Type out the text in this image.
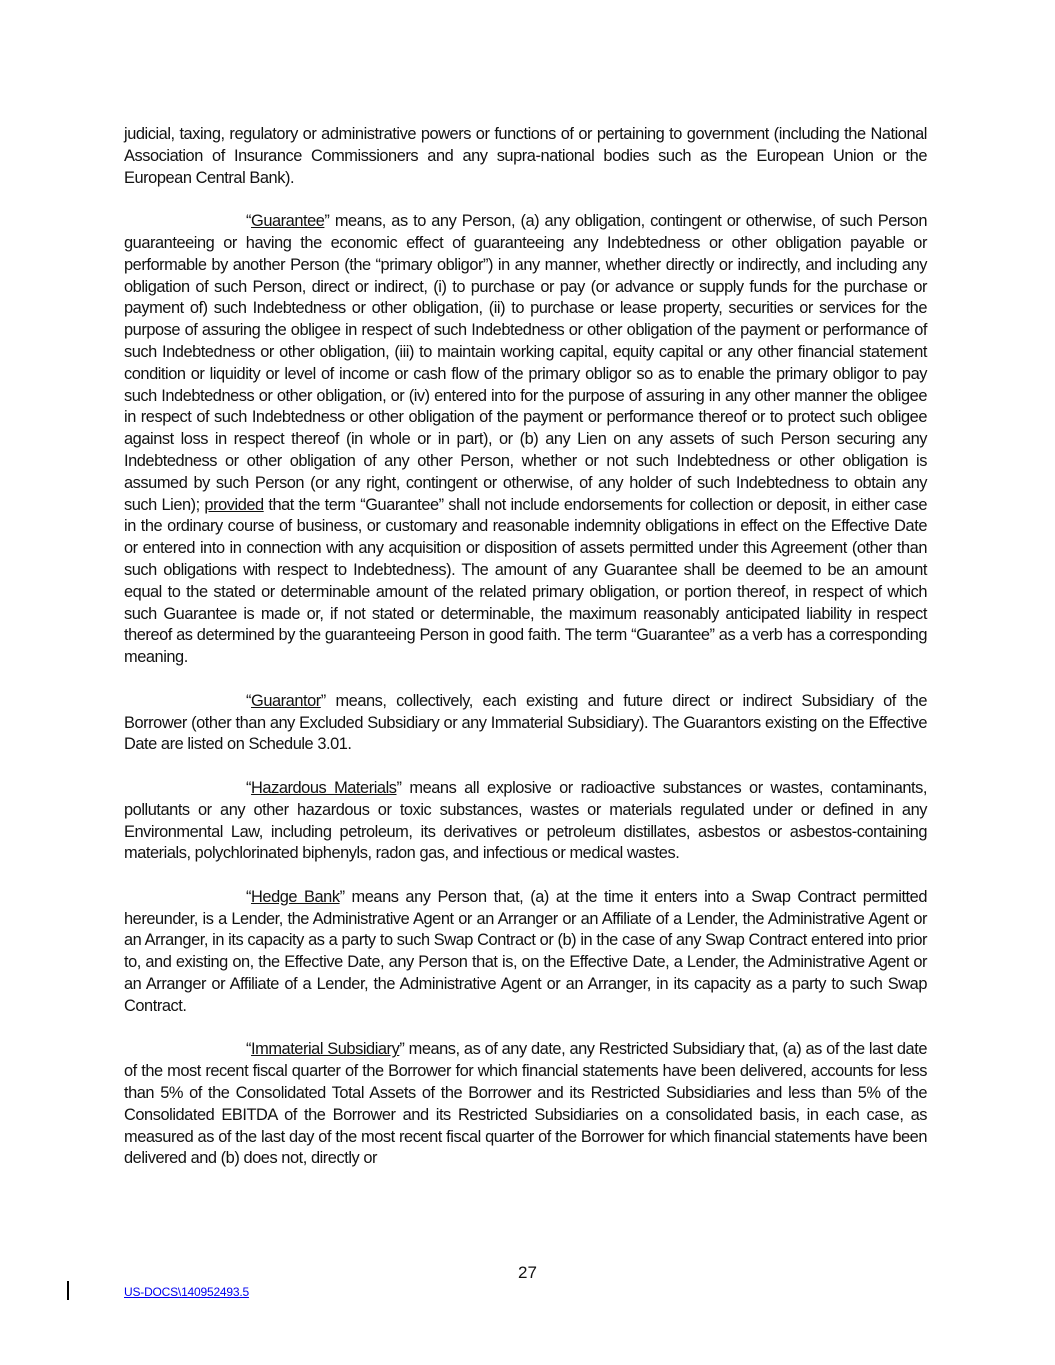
judicial, taxing, regulatory or administrative powers or functions of or pertaining to government (including the National Association of Insurance Commissioners and any supra-national bodies such as the European Union or the European Central Bank).

“Guarantee” means, as to any Person, (a) any obligation, contingent or otherwise, of such Person guaranteeing or having the economic effect of guaranteeing any Indebtedness or other obligation payable or performable by another Person (the “primary obligor”) in any manner, whether directly or indirectly, and including any obligation of such Person, direct or indirect, (i) to purchase or pay (or advance or supply funds for the purchase or payment of) such Indebtedness or other obligation, (ii) to purchase or lease property, securities or services for the purpose of assuring the obligee in respect of such Indebtedness or other obligation of the payment or performance of such Indebtedness or other obligation, (iii) to maintain working capital, equity capital or any other financial statement condition or liquidity or level of income or cash flow of the primary obligor so as to enable the primary obligor to pay such Indebtedness or other obligation, or (iv) entered into for the purpose of assuring in any other manner the obligee in respect of such Indebtedness or other obligation of the payment or performance thereof or to protect such obligee against loss in respect thereof (in whole or in part), or (b) any Lien on any assets of such Person securing any Indebtedness or other obligation of any other Person, whether or not such Indebtedness or other obligation is assumed by such Person (or any right, contingent or otherwise, of any holder of such Indebtedness to obtain any such Lien); provided that the term “Guarantee” shall not include endorsements for collection or deposit, in either case in the ordinary course of business, or customary and reasonable indemnity obligations in effect on the Effective Date or entered into in connection with any acquisition or disposition of assets permitted under this Agreement (other than such obligations with respect to Indebtedness). The amount of any Guarantee shall be deemed to be an amount equal to the stated or determinable amount of the related primary obligation, or portion thereof, in respect of which such Guarantee is made or, if not stated or determinable, the maximum reasonably anticipated liability in respect thereof as determined by the guaranteeing Person in good faith. The term “Guarantee” as a verb has a corresponding meaning.

“Guarantor” means, collectively, each existing and future direct or indirect Subsidiary of the Borrower (other than any Excluded Subsidiary or any Immaterial Subsidiary). The Guarantors existing on the Effective Date are listed on Schedule 3.01.

“Hazardous Materials” means all explosive or radioactive substances or wastes, contaminants, pollutants or any other hazardous or toxic substances, wastes or materials regulated under or defined in any Environmental Law, including petroleum, its derivatives or petroleum distillates, asbestos or asbestos-containing materials, polychlorinated biphenyls, radon gas, and infectious or medical wastes.

“Hedge Bank” means any Person that, (a) at the time it enters into a Swap Contract permitted hereunder, is a Lender, the Administrative Agent or an Arranger or an Affiliate of a Lender, the Administrative Agent or an Arranger, in its capacity as a party to such Swap Contract or (b) in the case of any Swap Contract entered into prior to, and existing on, the Effective Date, any Person that is, on the Effective Date, a Lender, the Administrative Agent or an Arranger or Affiliate of a Lender, the Administrative Agent or an Arranger, in its capacity as a party to such Swap Contract.

“Immaterial Subsidiary” means, as of any date, any Restricted Subsidiary that, (a) as of the last date of the most recent fiscal quarter of the Borrower for which financial statements have been delivered, accounts for less than 5% of the Consolidated Total Assets of the Borrower and its Restricted Subsidiaries and less than 5% of the Consolidated EBITDA of the Borrower and its Restricted Subsidiaries on a consolidated basis, in each case, as measured as of the last day of the most recent fiscal quarter of the Borrower for which financial statements have been delivered and (b) does not, directly or

27
US-DOCS\140952493.5
